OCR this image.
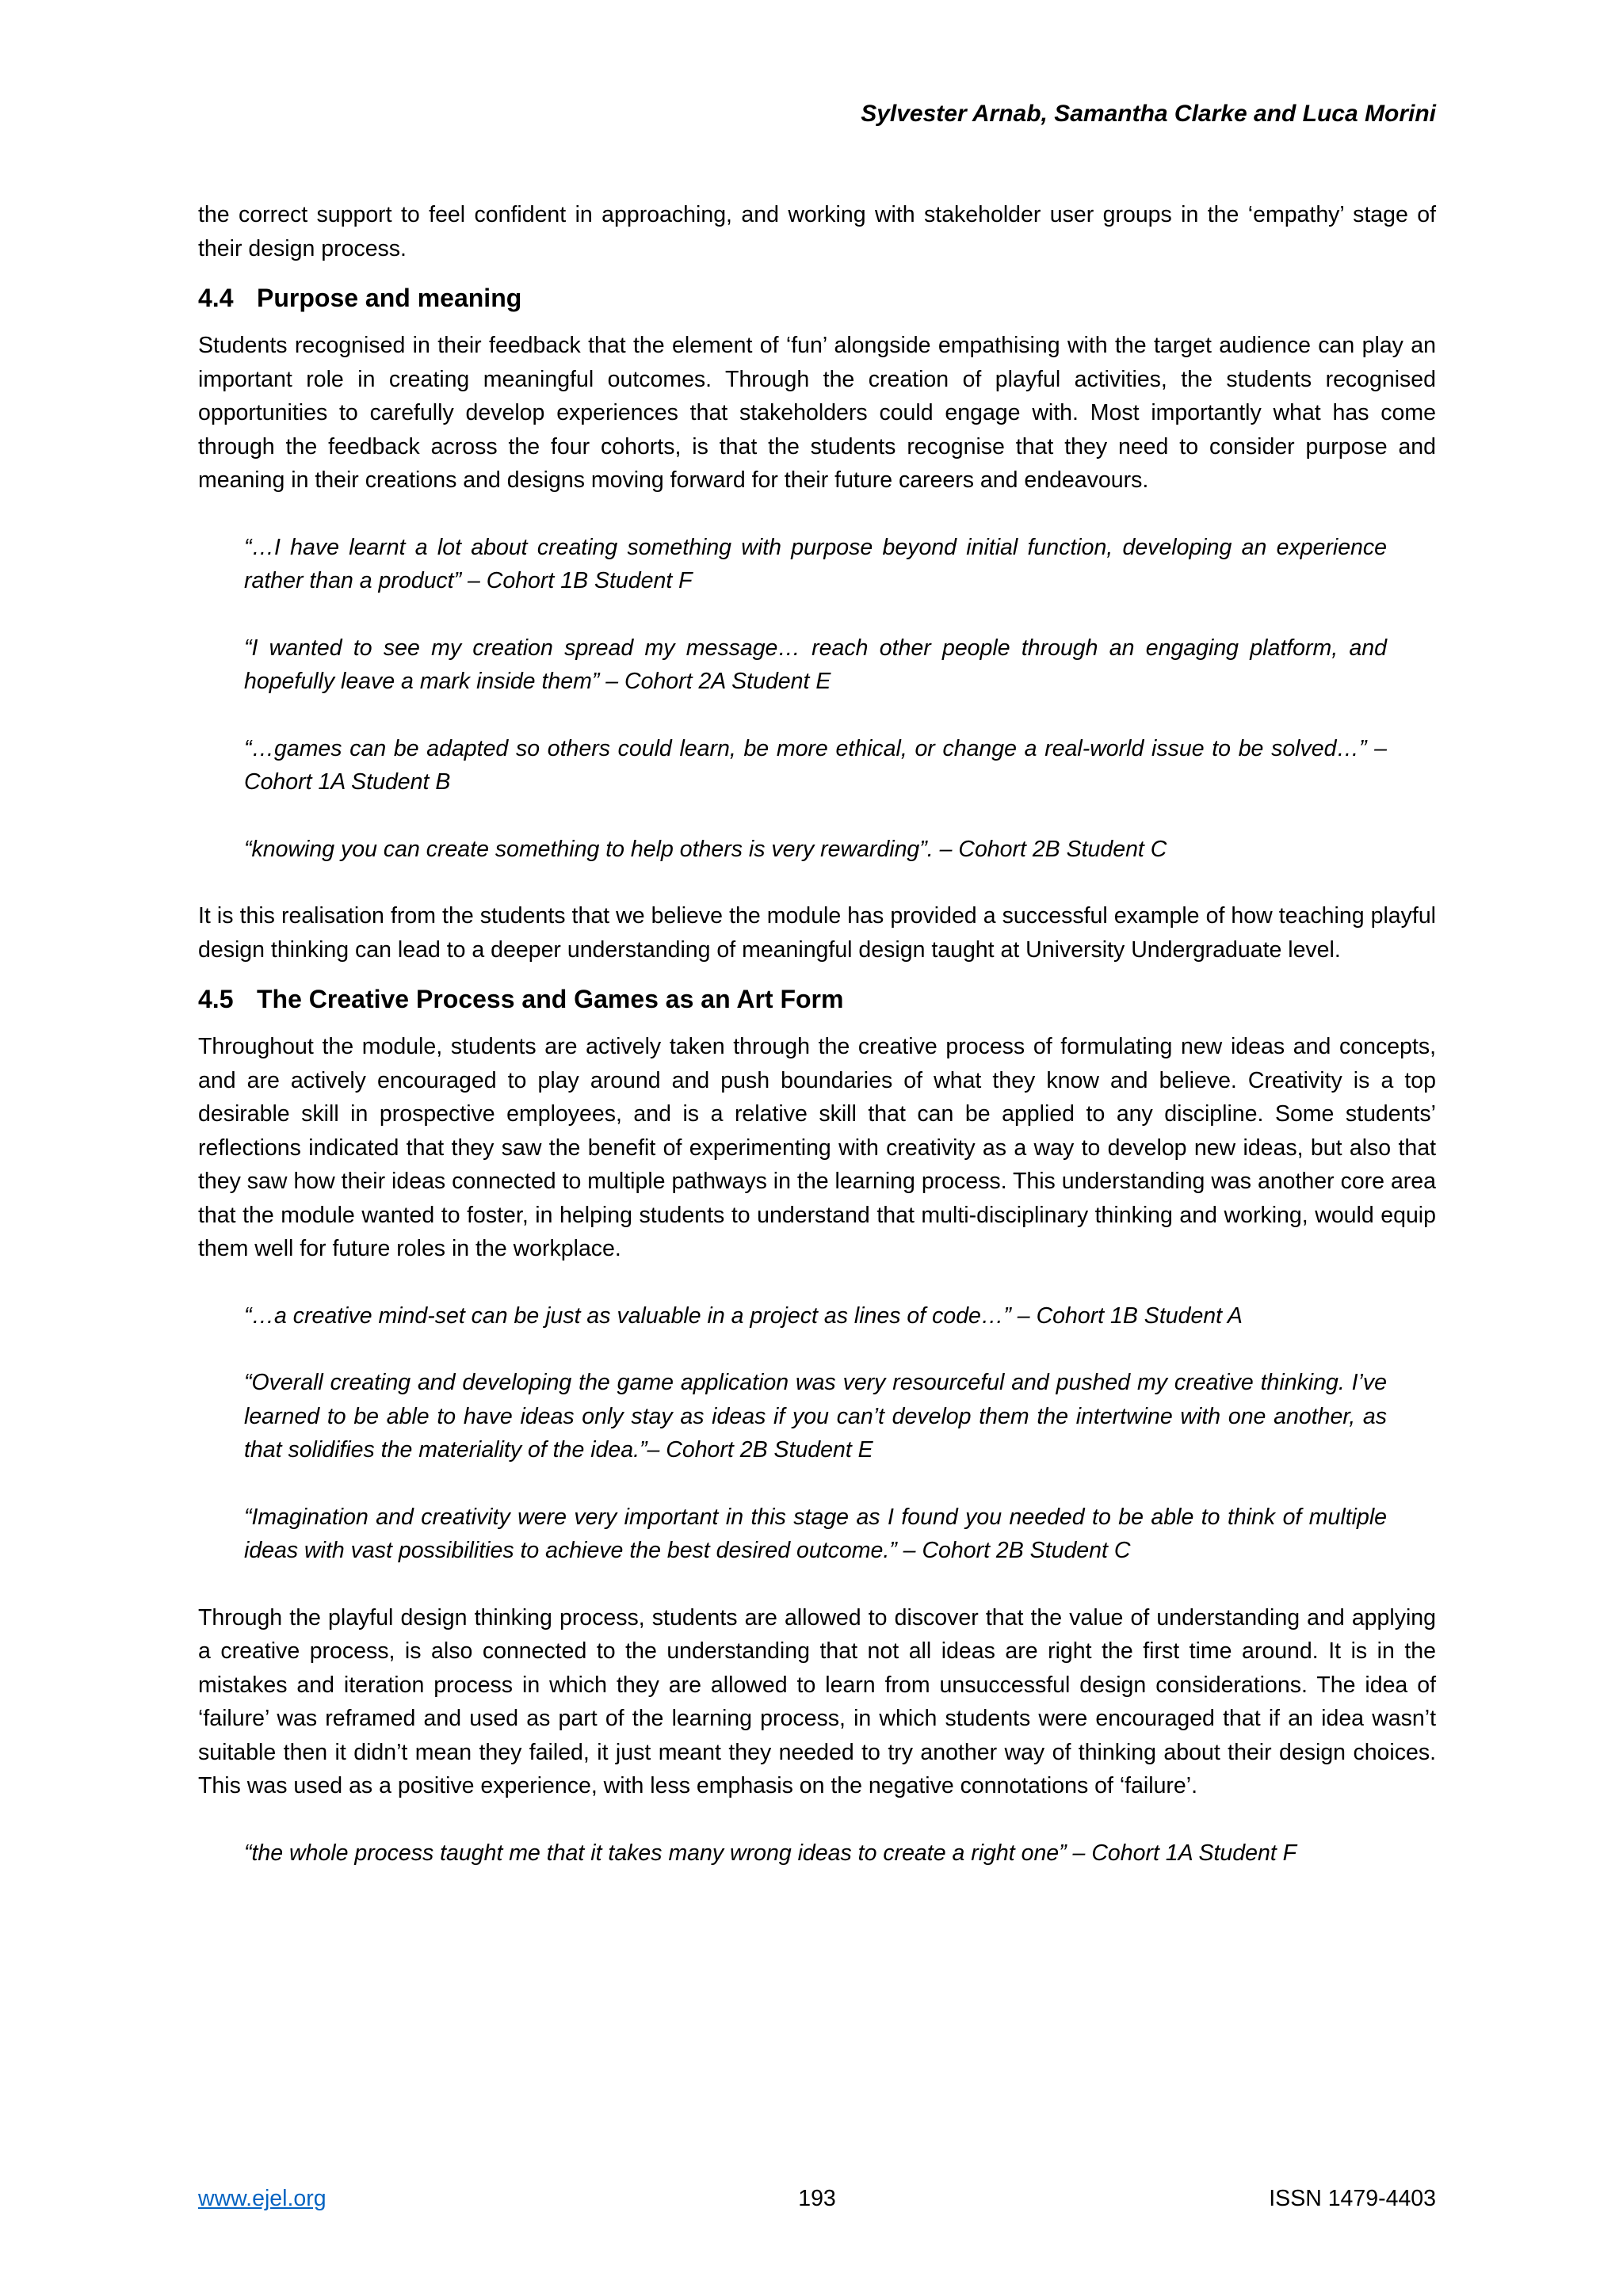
Sylvester Arnab, Samantha Clarke and Luca Morini

the correct support to feel confident in approaching, and working with stakeholder user groups in the ‘empathy’ stage of their design process.

4.4 Purpose and meaning

Students recognised in their feedback that the element of ‘fun’ alongside empathising with the target audience can play an important role in creating meaningful outcomes. Through the creation of playful activities, the students recognised opportunities to carefully develop experiences that stakeholders could engage with. Most importantly what has come through the feedback across the four cohorts, is that the students recognise that they need to consider purpose and meaning in their creations and designs moving forward for their future careers and endeavours.

“…I have learnt a lot about creating something with purpose beyond initial function, developing an experience rather than a product” – Cohort 1B Student F

“I wanted to see my creation spread my message… reach other people through an engaging platform, and hopefully leave a mark inside them” – Cohort 2A Student E

“…games can be adapted so others could learn, be more ethical, or change a real-world issue to be solved…” – Cohort 1A Student B

“knowing you can create something to help others is very rewarding”. – Cohort 2B Student C

It is this realisation from the students that we believe the module has provided a successful example of how teaching playful design thinking can lead to a deeper understanding of meaningful design taught at University Undergraduate level.

4.5 The Creative Process and Games as an Art Form

Throughout the module, students are actively taken through the creative process of formulating new ideas and concepts, and are actively encouraged to play around and push boundaries of what they know and believe. Creativity is a top desirable skill in prospective employees, and is a relative skill that can be applied to any discipline. Some students’ reflections indicated that they saw the benefit of experimenting with creativity as a way to develop new ideas, but also that they saw how their ideas connected to multiple pathways in the learning process. This understanding was another core area that the module wanted to foster, in helping students to understand that multi-disciplinary thinking and working, would equip them well for future roles in the workplace.

“…a creative mind-set can be just as valuable in a project as lines of code…” – Cohort 1B Student A

“Overall creating and developing the game application was very resourceful and pushed my creative thinking. I’ve learned to be able to have ideas only stay as ideas if you can’t develop them the intertwine with one another, as that solidifies the materiality of the idea.”– Cohort 2B Student E

“Imagination and creativity were very important in this stage as I found you needed to be able to think of multiple ideas with vast possibilities to achieve the best desired outcome.” – Cohort 2B Student C

Through the playful design thinking process, students are allowed to discover that the value of understanding and applying a creative process, is also connected to the understanding that not all ideas are right the first time around. It is in the mistakes and iteration process in which they are allowed to learn from unsuccessful design considerations. The idea of ‘failure’ was reframed and used as part of the learning process, in which students were encouraged that if an idea wasn’t suitable then it didn’t mean they failed, it just meant they needed to try another way of thinking about their design choices. This was used as a positive experience, with less emphasis on the negative connotations of ‘failure’.

“the whole process taught me that it takes many wrong ideas to create a right one” – Cohort 1A Student F

193
www.ejel.org	ISSN 1479-4403
